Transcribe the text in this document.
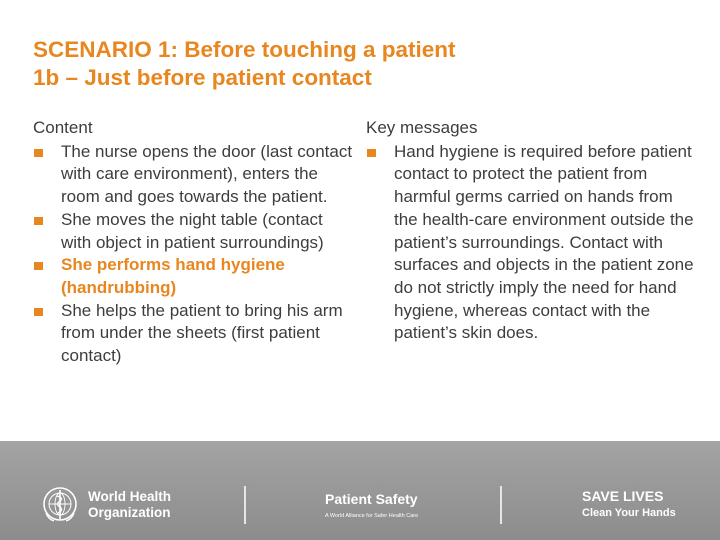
SCENARIO 1: Before touching a patient
1b – Just before patient contact
Content
The nurse opens the door (last contact with care environment), enters the room and goes towards the patient.
She moves the night table (contact with object in patient surroundings)
She performs hand hygiene (handrubbing)
She helps the patient to bring his arm from under the sheets (first patient contact)
Key messages
Hand hygiene is required before patient contact to protect the patient from harmful germs carried on hands from the health-care environment outside the patient’s surroundings. Contact with surfaces and objects in the patient zone do not strictly imply the need for hand hygiene, whereas contact with the patient’s skin does.
World Health
Organization
Patient Safety
A World Alliance for Safer Health Care
SAVE LIVES
Clean Your Hands
